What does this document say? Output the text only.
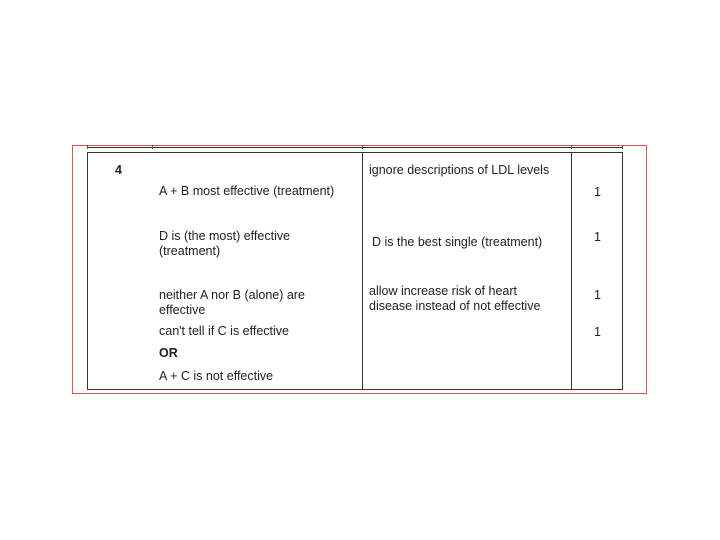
4
A + B most effective (treatment)
D is (the most) effective
(treatment)
neither A nor B (alone) are
effective
can't tell if C is effective
OR
A + C is not effective
ignore descriptions of LDL levels
D is the best single (treatment)
allow increase risk of heart
disease instead of not effective
1
1
1
1
